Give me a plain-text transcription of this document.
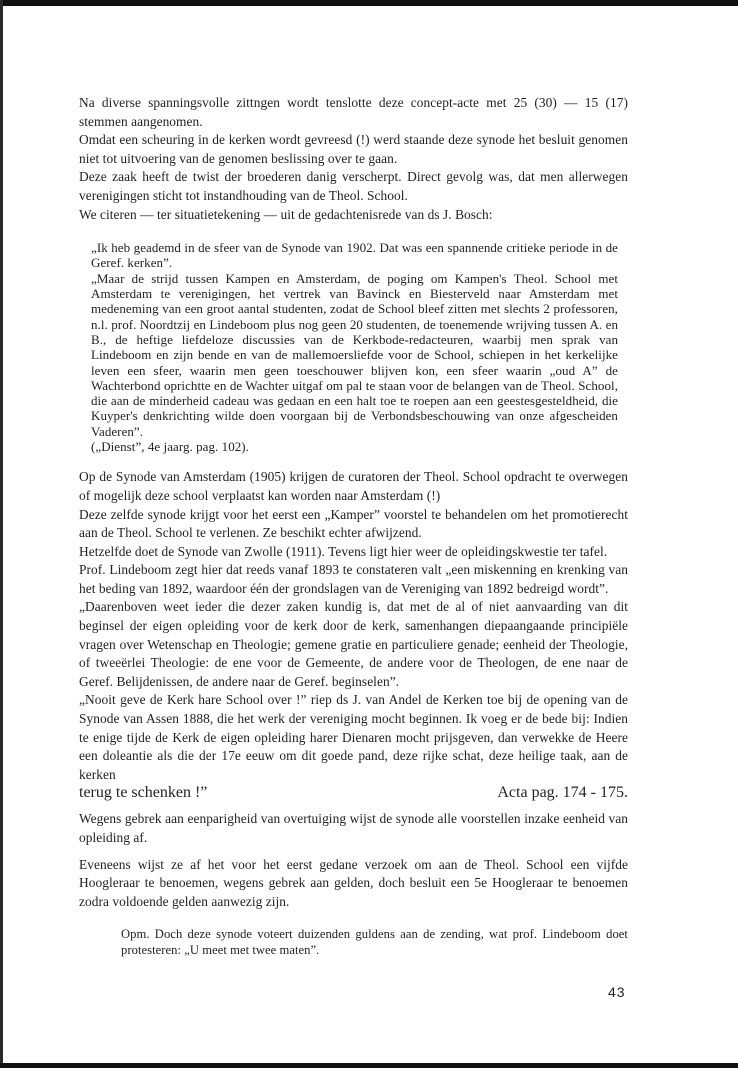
Na diverse spanningsvolle zittngen wordt tenslotte deze concept-acte met 25 (30) — 15 (17) stemmen aangenomen.

Omdat een scheuring in de kerken wordt gevreesd (!) werd staande deze synode het besluit genomen niet tot uitvoering van de genomen beslissing over te gaan.

Deze zaak heeft de twist der broederen danig verscherpt. Direct gevolg was, dat men allerwegen verenigingen sticht tot instandhouding van de Theol. School.

We citeren — ter situatietekening — uit de gedachtenisrede van ds J. Bosch:

„Ik heb geademd in de sfeer van de Synode van 1902. Dat was een spannende critieke periode in de Geref. kerken”.

„Maar de strijd tussen Kampen en Amsterdam, de poging om Kampen's Theol. School met Amsterdam te verenigingen, het vertrek van Bavinck en Biesterveld naar Amsterdam met medeneming van een groot aantal studenten, zodat de School bleef zitten met slechts 2 professoren, n.l. prof. Noordtzij en Lindeboom plus nog geen 20 studenten, de toenemende wrijving tussen A. en B., de heftige liefdeloze discussies van de Kerkbode-redacteuren, waarbij men sprak van Lindeboom en zijn bende en van de mallemoersliefde voor de School, schiepen in het kerkelijke leven een sfeer, waarin men geen toeschouwer blijven kon, een sfeer waarin „oud A” de Wachterbond oprichtte en de Wachter uitgaf om pal te staan voor de belangen van de Theol. School, die aan de minderheid cadeau was gedaan en een halt toe te roepen aan een geestesgesteldheid, die Kuyper's denkrichting wilde doen voorgaan bij de Verbondsbeschouwing van onze afgescheiden Vaderen”.

(„Dienst”, 4e jaarg. pag. 102).

Op de Synode van Amsterdam (1905) krijgen de curatoren der Theol. School opdracht te overwegen of mogelijk deze school verplaatst kan worden naar Amsterdam (!)

Deze zelfde synode krijgt voor het eerst een „Kamper” voorstel te behandelen om het promotierecht aan de Theol. School te verlenen. Ze beschikt echter afwijzend.

Hetzelfde doet de Synode van Zwolle (1911). Tevens ligt hier weer de opleidingskwestie ter tafel.

Prof. Lindeboom zegt hier dat reeds vanaf 1893 te constateren valt „een miskenning en krenking van het beding van 1892, waardoor één der grondslagen van de Vereniging van 1892 bedreigd wordt”.

„Daarenboven weet ieder die dezer zaken kundig is, dat met de al of niet aanvaarding van dit beginsel der eigen opleiding voor de kerk door de kerk, samenhangen diepaangaande principiële vragen over Wetenschap en Theologie; gemene gratie en particuliere genade; eenheid der Theologie, of tweeërlei Theologie: de ene voor de Gemeente, de andere voor de Theologen, de ene naar de Geref. Belijdenissen, de andere naar de Geref. beginselen”.

„Nooit geve de Kerk hare School over !” riep ds J. van Andel de Kerken toe bij de opening van de Synode van Assen 1888, die het werk der vereniging mocht beginnen. Ik voeg er de bede bij: Indien te enige tijde de Kerk de eigen opleiding harer Dienaren mocht prijsgeven, dan verwekke de Heere een doleantie als die der 17e eeuw om dit goede pand, deze rijke schat, deze heilige taak, aan de kerken

terug te schenken !”	Acta pag. 174 - 175.

Wegens gebrek aan eenparigheid van overtuiging wijst de synode alle voorstellen inzake eenheid van opleiding af.

Eveneens wijst ze af het voor het eerst gedane verzoek om aan de Theol. School een vijfde Hoogleraar te benoemen, wegens gebrek aan gelden, doch besluit een 5e Hoogleraar te benoemen zodra voldoende gelden aanwezig zijn.

Opm. Doch deze synode voteert duizenden guldens aan de zending, wat prof. Lindeboom doet protesteren: „U meet met twee maten”.

43
